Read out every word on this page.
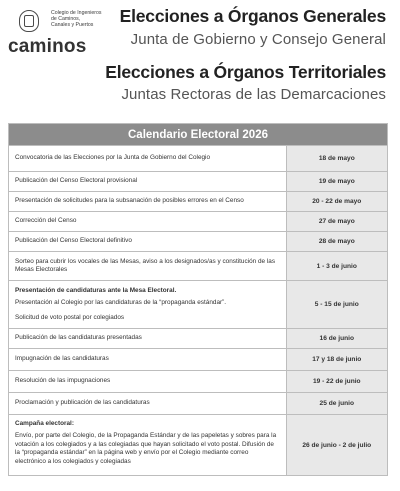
Colegio de Ingenieros
de Caminos,
Canales y Puertos
caminos
Elecciones a Órganos Generales
Junta de Gobierno y Consejo General
Elecciones a Órganos Territoriales
Juntas Rectoras de las Demarcaciones
Calendario Electoral 2026
Convocatoria de las Elecciones por la Junta de Gobierno del Colegio	18 de mayo
Publicación del Censo Electoral provisional	19 de mayo
Presentación de solicitudes para la subsanación de posibles errores en el Censo	20 - 22 de mayo
Corrección del Censo	27 de mayo
Publicación del Censo Electoral definitivo	28 de mayo
Sorteo para cubrir los vocales de las Mesas, aviso a los designados/as y constitución de las Mesas Electorales	1 - 3 de junio
Presentación de candidaturas ante la Mesa Electoral.
Presentación al Colegio por las candidaturas de la “propaganda estándar”.
Solicitud de voto postal por colegiados
5 - 15 de junio
Publicación de las candidaturas presentadas	16 de junio
Impugnación de las candidaturas	17 y 18 de junio
Resolución de las impugnaciones	19 - 22 de junio
Proclamación y publicación de las candidaturas	25 de junio
Campaña electoral:
Envío, por parte del Colegio, de la Propaganda Estándar y de las papeletas y sobres para la votación a los colegiados y a las colegiadas que hayan solicitado el voto postal. Difusión de la “propaganda estándar” en la página web y envío por el Colegio mediante correo electrónico a los colegiados y colegiadas
26 de junio - 2 de julio
